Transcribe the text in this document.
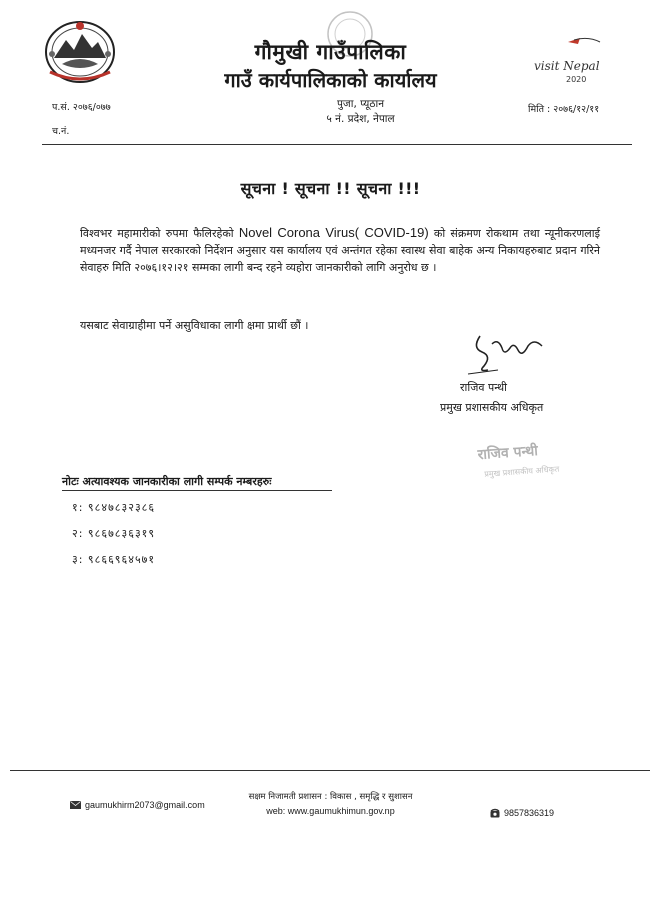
गौमुखी गाउँपालिका
गाउँ कार्यपालिकाको कार्यालय
पुजा, प्यूठान
५ नं. प्रदेश, नेपाल
प.सं. २०७६/०७७
च.नं.
मिति : २०७६/१२/११
visit Nepal
2020
सूचना ! सूचना !! सूचना !!!
विश्वभर महामारीको रुपमा फैलिरहेको Novel Corona Virus( COVID-19) को संक्रमण रोकथाम तथा न्यूनीकरणलाई मध्यनजर गर्दै नेपाल सरकारको निर्देशन अनुसार यस कार्यालय एवं अन्तंगत रहेका स्वास्थ सेवा बाहेक अन्य निकायहरुबाट प्रदान गरिने सेवाहरु मिति २०७६।१२।२१ सम्मका लागी बन्द रहने व्यहोरा जानकारीको लागि अनुरोध छ ।
यसबाट सेवाग्राहीमा पर्ने असुविधाका लागी क्षमा प्रार्थी छौं ।
राजिव पन्थी
प्रमुख प्रशासकीय अधिकृत
राजिव पन्थी
प्रमुख प्रशासकीय अधिकृत
नोटः अत्यावश्यक जानकारीका लागी सम्पर्क नम्बरहरुः
१: ९८४७८३२३८६
२: ९८६७८३६३१९
३: ९८६६९६४५७१
सक्षम निजामती प्रशासन : विकास , समृद्धि र सुशासन
web: www.gaumukhimun.gov.np
gaumukhirm2073@gmail.com
9857836319
